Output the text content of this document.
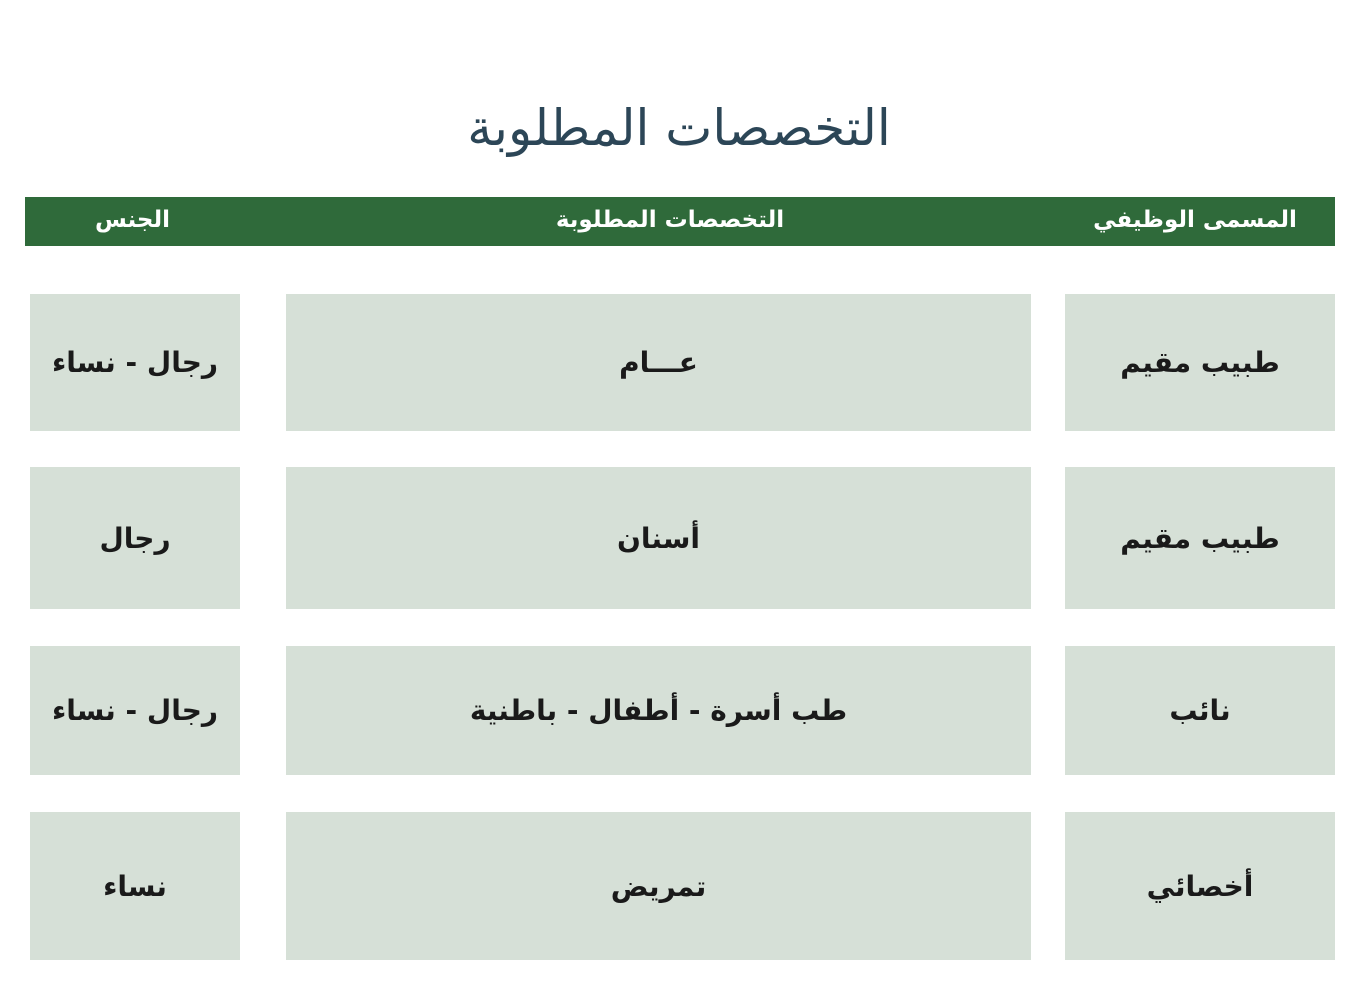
التخصصات المطلوبة
المسمى الوظيفي
التخصصات المطلوبة
الجنس
طبيب مقيم
عـــام
رجال - نساء
طبيب مقيم
أسنان
رجال
نائب
طب أسرة - أطفال - باطنية
رجال - نساء
أخصائي
تمريض
نساء
